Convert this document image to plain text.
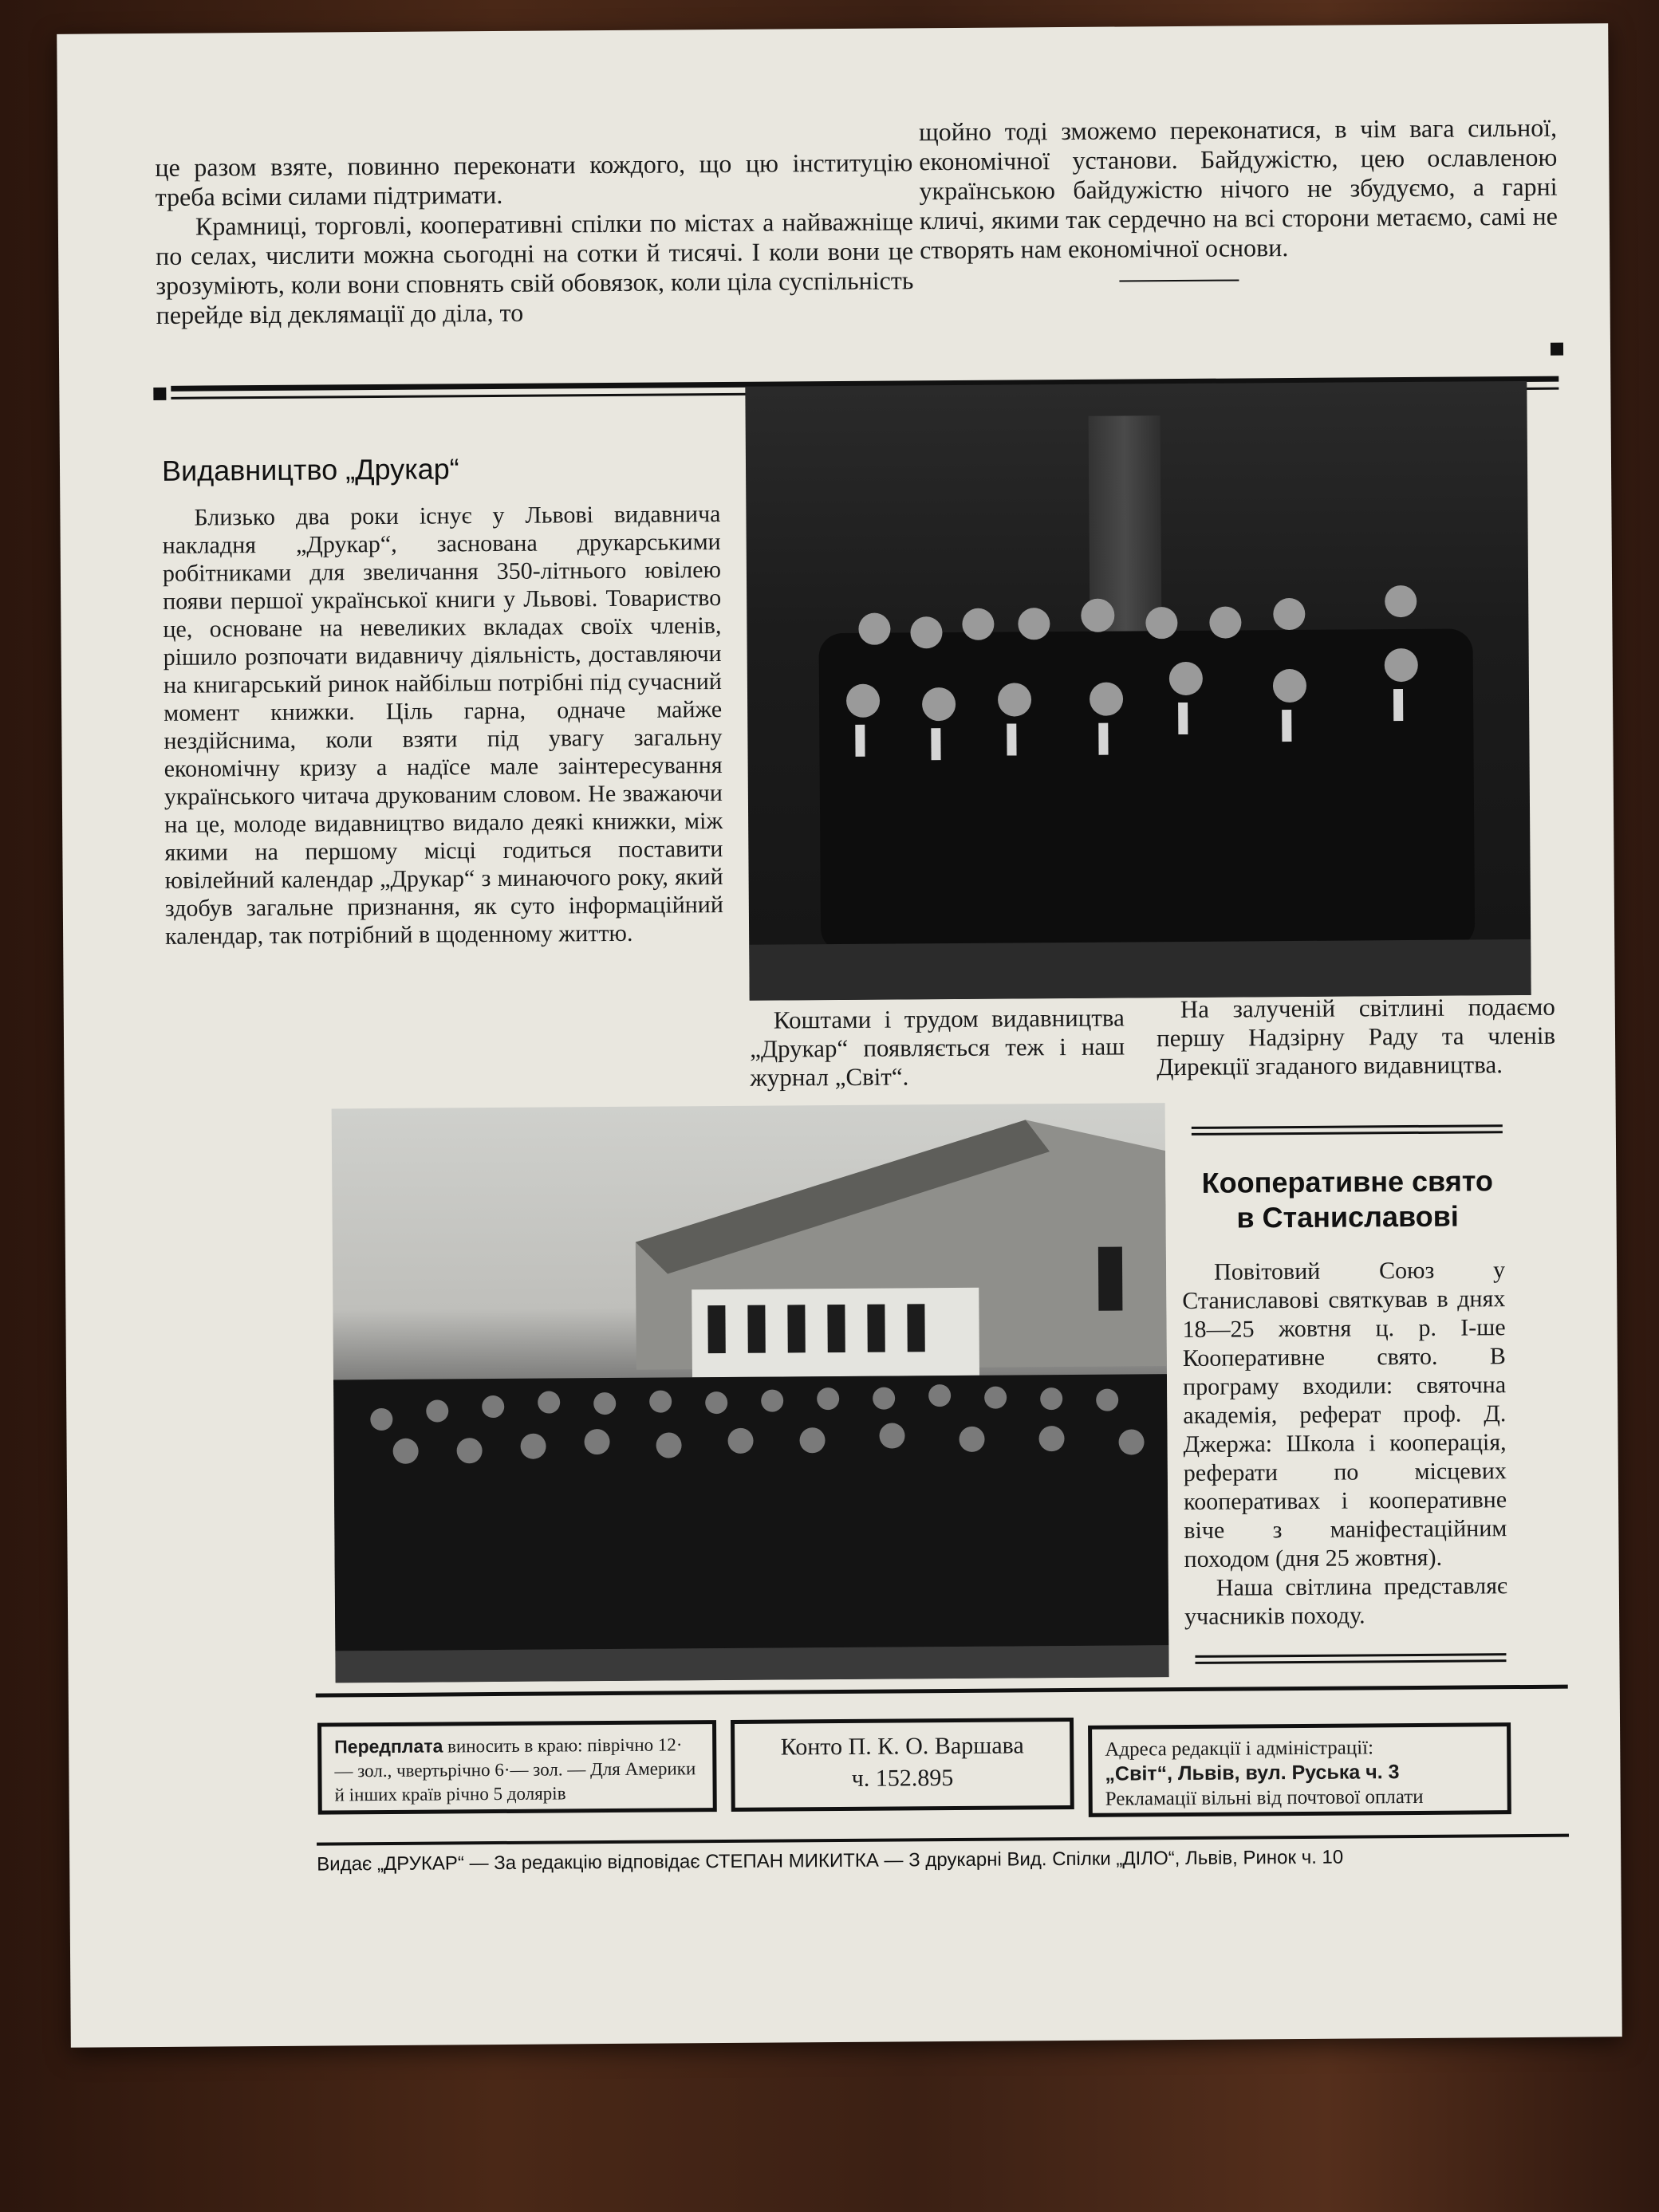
це разом взяте, повинно переконати кождого, що цю інституцію треба всіми силами підтримати.

Крамниці, торговлі, кооперативні спілки по містах а найважніще по селах, числити можна сьогодні на сотки й тисячі. І коли вони це зрозуміють, коли вони сповнять свій обовязок, коли ціла суспільність перейде від деклямації до діла, то

щойно тоді зможемо переконатися, в чім вага сильної, економічної установи. Байдужістю, цею ославленою українською байдужістю нічого не збудуємо, а гарні кличі, якими так сердечно на всі сторони метаємо, самі не створять нам економічної основи.

Видавництво „Друкар“
Близько два роки існує у Львові видавнича накладня „Друкар“, заснована друкарськими робітниками для звеличання 350-літнього ювілею появи першої української книги у Львові. Товариство це, основане на невеликих вкладах своїх членів, рішило розпочати видавничу діяльність, доставляючи на книгарський ринок найбільш потрібні під сучасний момент книжки. Ціль гарна, одначе майже нездійснима, коли взяти під увагу загальну економічну кризу а надїсе мале заінтересування українського читача друкованим словом. Не зважаючи на це, молоде видавництво видало деякі книжки, між якими на першому місці годиться поставити ювілейний календар „Друкар“ з минаючого року, який здобув загальне признання, як суто інформаційний календар, так потрібний в щоденному життю.
Коштами і трудом видавництва „Друкар“ появляється теж і наш журнал „Світ“.
На залученій світлині подаємо першу Надзірну Раду та членів Дирекції згаданого видавництва.
Кооперативне свято
в Станиславові

Повітовий Союз у Станиславові святкував в днях 18—25 жовтня ц. р. І-ше Кооперативне свято. В програму входили: святочна академія, реферат проф. Д. Джержа: Школа і кооперація, реферати по місцевих кооперативах і кооперативне віче з маніфестаційним походом (дня 25 жовтня).

Наша світлина представляє учасників походу.

Передплата виносить в краю: піврічно 12·— зол., чвертьрічно 6·— зол. — Для Америки й інших країв річно 5 долярів
Конто П. К. О. Варшава
ч. 152.895
Адреса редакції і адміністрації:
„Світ“, Львів, вул. Руська ч. 3
Рекламації вільні від почтової оплати
Видає „ДРУКАР“ — За редакцію відповідає СТЕПАН МИКИТКА — З друкарні Вид. Спілки „ДІЛО“, Львів, Ринок ч. 10
